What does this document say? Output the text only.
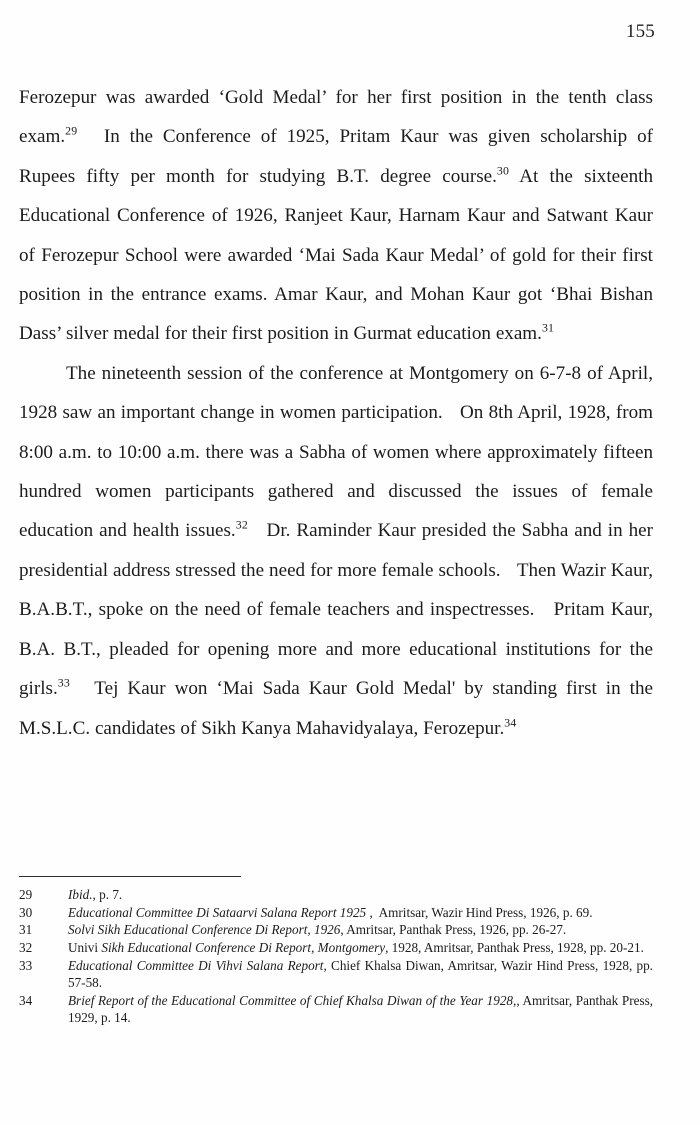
155

Ferozepur was awarded ‘Gold Medal’ for her first position in the tenth class exam.$^{29}$  In the Conference of 1925, Pritam Kaur was given scholarship of Rupees fifty per month for studying B.T. degree course.$^{30}$ At the sixteenth Educational Conference of 1926, Ranjeet Kaur, Harnam Kaur and Satwant Kaur of Ferozepur School were awarded ‘Mai Sada Kaur Medal’ of gold for their first position in the entrance exams. Amar Kaur, and Mohan Kaur got ‘Bhai Bishan Dass’ silver medal for their first position in Gurmat education exam.$^{31}$

The nineteenth session of the conference at Montgomery on 6-7-8 of April, 1928 saw an important change in women participation.  On 8th April, 1928, from 8:00 a.m. to 10:00 a.m. there was a Sabha of women where approximately fifteen hundred women participants gathered and discussed the issues of female education and health issues.$^{32}$  Dr. Raminder Kaur presided the Sabha and in her presidential address stressed the need for more female schools.  Then Wazir Kaur, B.A.B.T., spoke on the need of female teachers and inspectresses.  Pritam Kaur, B.A. B.T., pleaded for opening more and more educational institutions for the girls.$^{33}$  Tej Kaur won ‘Mai Sada Kaur Gold Medal' by standing first in the M.S.L.C. candidates of Sikh Kanya Mahavidyalaya, Ferozepur.$^{34}$

29	Ibid., p. 7.
30	Educational Committee Di Sataarvi Salana Report 1925 ,  Amritsar, Wazir Hind Press, 1926, p. 69.
31	Solvi Sikh Educational Conference Di Report, 1926, Amritsar, Panthak Press, 1926, pp. 26-27.
32	Univi Sikh Educational Conference Di Report, Montgomery, 1928, Amritsar, Panthak Press, 1928, pp. 20-21.
33	Educational Committee Di Vihvi Salana Report, Chief Khalsa Diwan, Amritsar, Wazir Hind Press, 1928, pp. 57-58.
34	Brief Report of the Educational Committee of Chief Khalsa Diwan of the Year 1928,, Amritsar, Panthak Press, 1929, p. 14.
